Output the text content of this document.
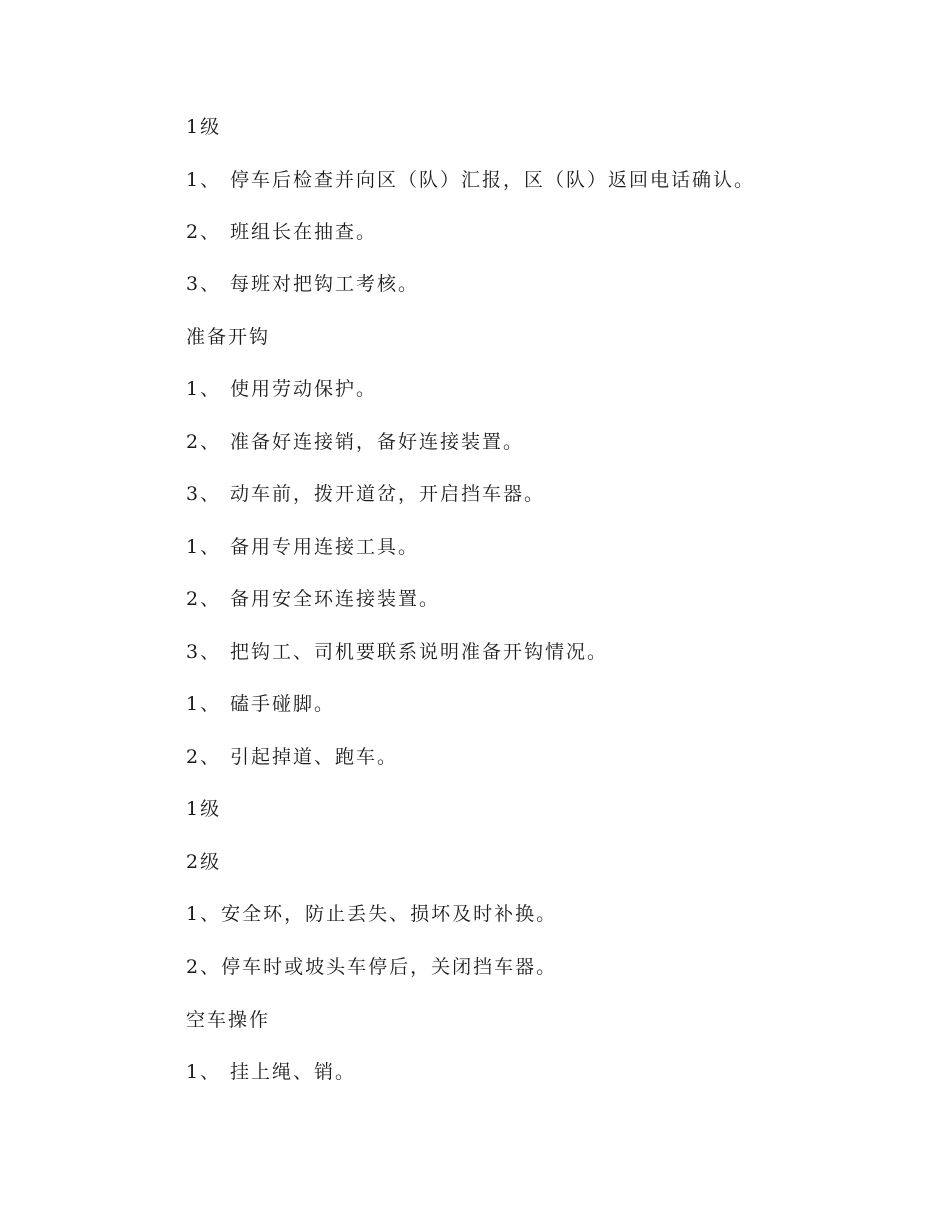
1级
1、 停车后检查并向区（队）汇报，区（队）返回电话确认。
2、 班组长在抽查。
3、 每班对把钩工考核。
准备开钩
1、 使用劳动保护。
2、 准备好连接销，备好连接装置。
3、 动车前，拨开道岔，开启挡车器。
1、 备用专用连接工具。
2、 备用安全环连接装置。
3、 把钩工、司机要联系说明准备开钩情况。
1、 磕手碰脚。
2、 引起掉道、跑车。
1级
2级
1、安全环，防止丢失、损坏及时补换。
2、停车时或坡头车停后，关闭挡车器。
空车操作
1、 挂上绳、销。
